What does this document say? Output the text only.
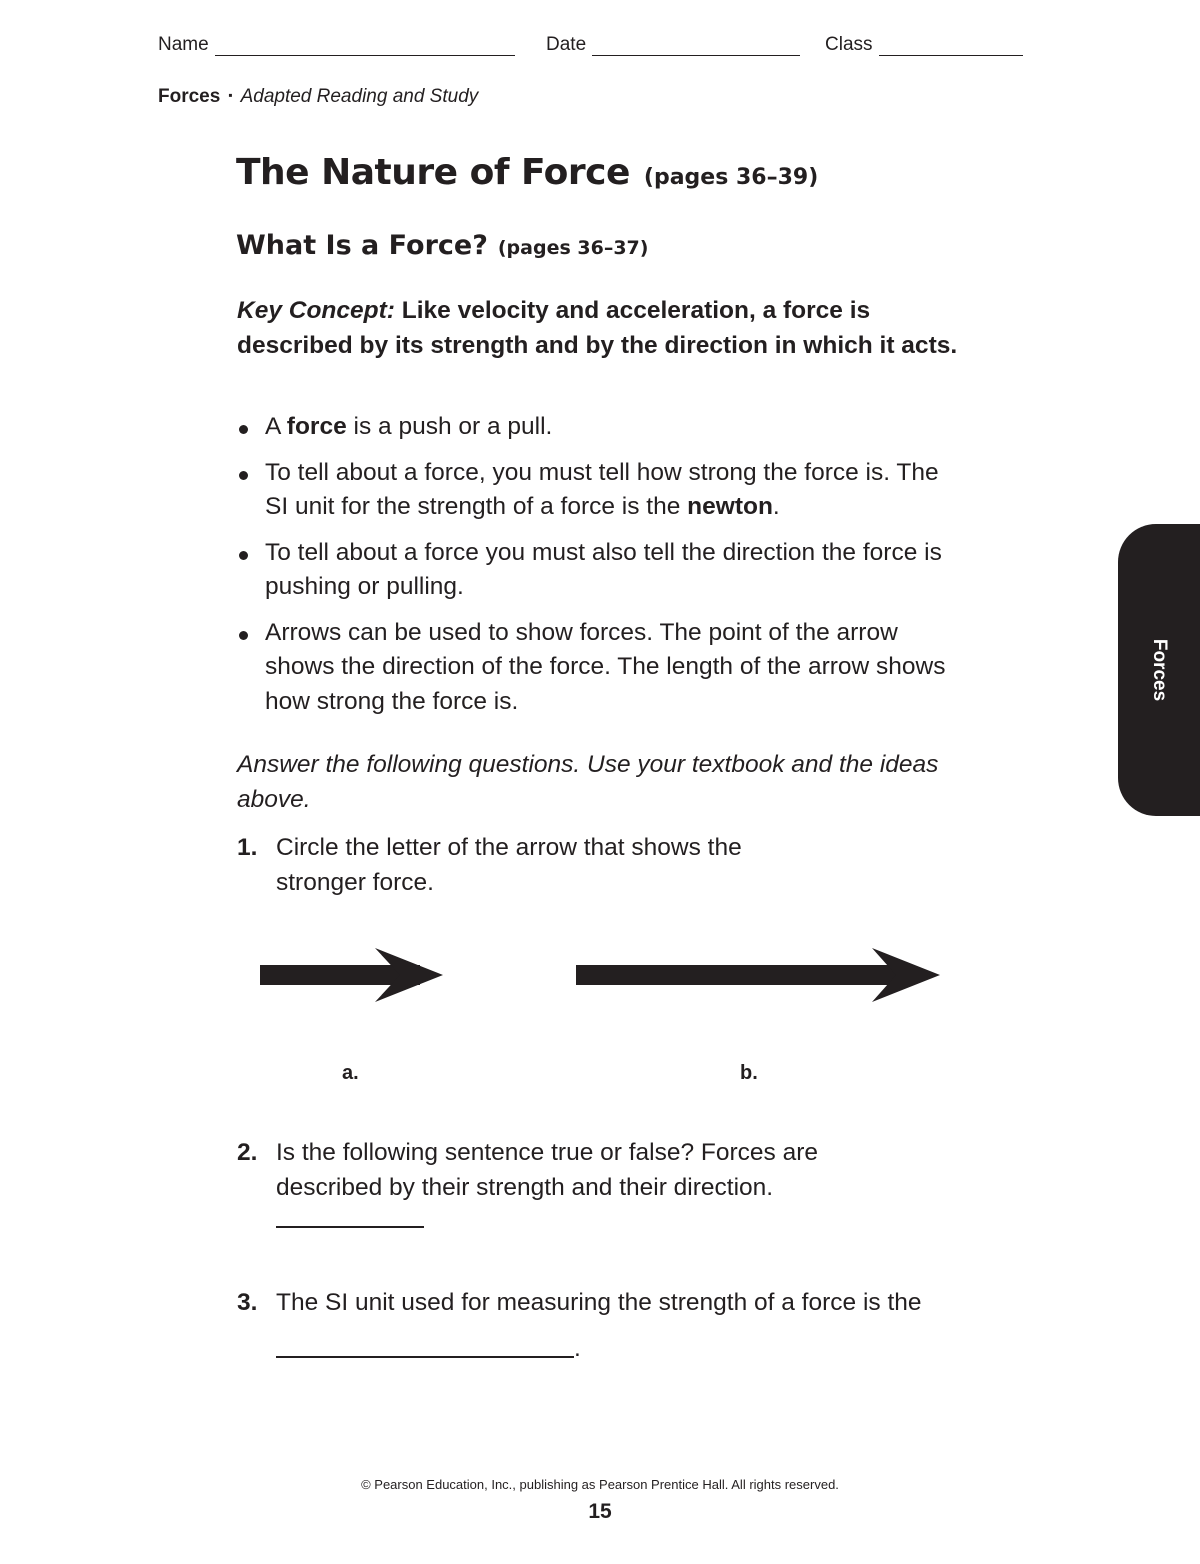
Name	Date	Class
Forces ▪ Adapted Reading and Study
The Nature of Force (pages 36–39)
What Is a Force? (pages 36–37)
Key Concept: Like velocity and acceleration, a force is described by its strength and by the direction in which it acts.
A force is a push or a pull.
To tell about a force, you must tell how strong the force is. The SI unit for the strength of a force is the newton.
To tell about a force you must also tell the direction the force is pushing or pulling.
Arrows can be used to show forces. The point of the arrow shows the direction of the force. The length of the arrow shows how strong the force is.
Answer the following questions. Use your textbook and the ideas above.
1. Circle the letter of the arrow that shows the stronger force.
a.	b.
2. Is the following sentence true or false? Forces are described by their strength and their direction.
3. The SI unit used for measuring the strength of a force is the .
Forces
© Pearson Education, Inc., publishing as Pearson Prentice Hall. All rights reserved.
15
